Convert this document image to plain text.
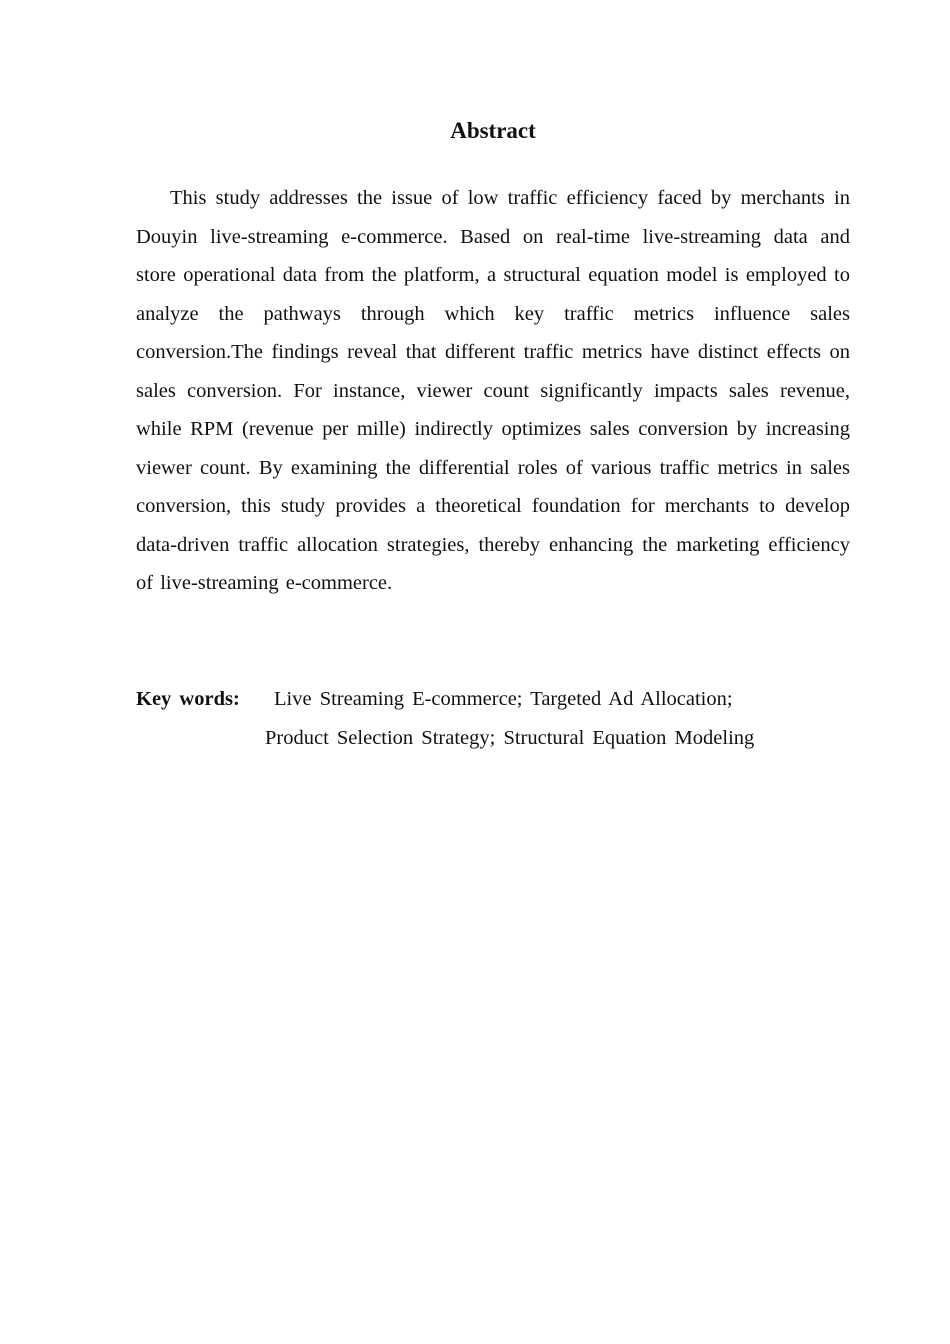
Abstract

This study addresses the issue of low traffic efficiency faced by merchants in Douyin live-streaming e-commerce. Based on real-time live-streaming data and store operational data from the platform, a structural equation model is employed to analyze the pathways through which key traffic metrics influence sales conversion.The findings reveal that different traffic metrics have distinct effects on sales conversion. For instance, viewer count significantly impacts sales revenue, while RPM (revenue per mille) indirectly optimizes sales conversion by increasing viewer count. By examining the differential roles of various traffic metrics in sales conversion, this study provides a theoretical foundation for merchants to develop data-driven traffic allocation strategies, thereby enhancing the marketing efficiency of live-streaming e-commerce.

Key words: Live Streaming E-commerce; Targeted Ad Allocation;
Product Selection Strategy; Structural Equation Modeling
